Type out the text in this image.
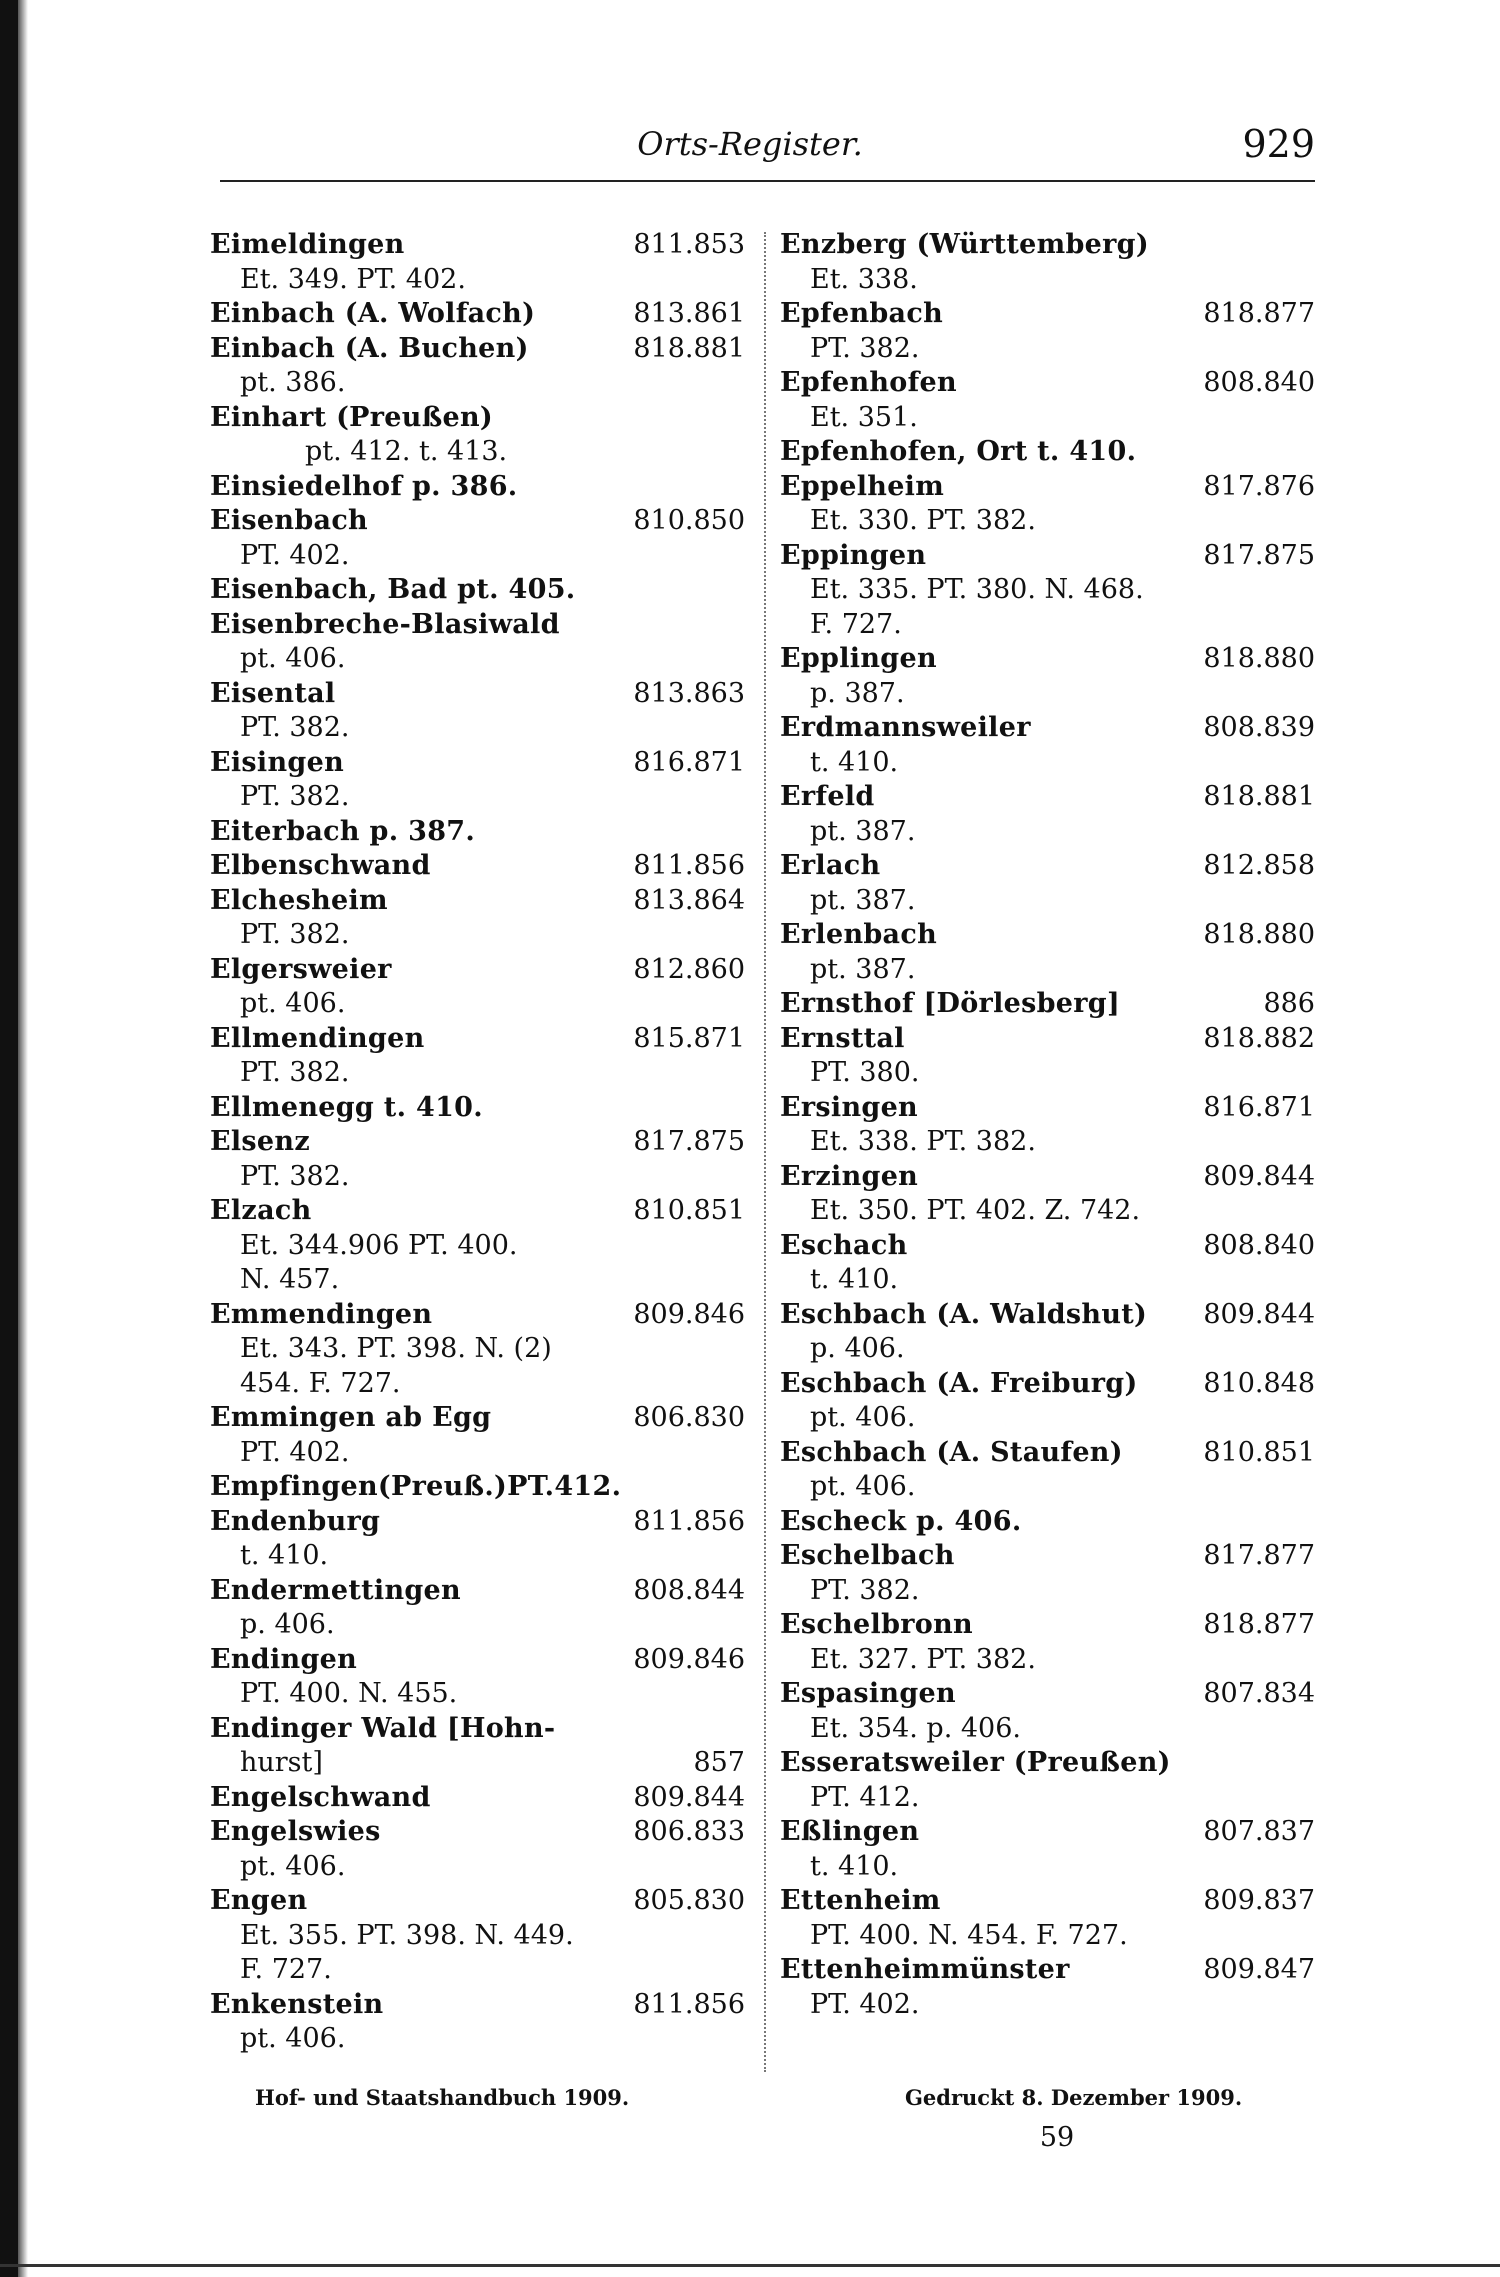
Orts-Register.	929
Eimeldingen	811.853
Et. 349. PT. 402.
Einbach (A. Wolfach)	813.861
Einbach (A. Buchen)	818.881
pt. 386.
Einhart (Preußen)
pt. 412. t. 413.
Einsiedelhof p. 386.
Eisenbach	810.850
PT. 402.
Eisenbach, Bad pt. 405.
Eisenbreche-Blasiwald
pt. 406.
Eisental	813.863
PT. 382.
Eisingen	816.871
PT. 382.
Eiterbach p. 387.
Elbenschwand	811.856
Elchesheim	813.864
PT. 382.
Elgersweier	812.860
pt. 406.
Ellmendingen	815.871
PT. 382.
Ellmenegg t. 410.
Elsenz	817.875
PT. 382.
Elzach	810.851
Et. 344.906 PT. 400.
N. 457.
Emmendingen	809.846
Et. 343. PT. 398. N. (2)
454. F. 727.
Emmingen ab Egg	806.830
PT. 402.
Empfingen(Preuß.)PT.412.
Endenburg	811.856
t. 410.
Endermettingen	808.844
p. 406.
Endingen	809.846
PT. 400. N. 455.
Endinger Wald [Hohn-
hurst]	857
Engelschwand	809.844
Engelswies	806.833
pt. 406.
Engen	805.830
Et. 355. PT. 398. N. 449.
F. 727.
Enkenstein	811.856
pt. 406.
Enzberg (Württemberg)
Et. 338.
Epfenbach	818.877
PT. 382.
Epfenhofen	808.840
Et. 351.
Epfenhofen, Ort t. 410.
Eppelheim	817.876
Et. 330. PT. 382.
Eppingen	817.875
Et. 335. PT. 380. N. 468.
F. 727.
Epplingen	818.880
p. 387.
Erdmannsweiler	808.839
t. 410.
Erfeld	818.881
pt. 387.
Erlach	812.858
pt. 387.
Erlenbach	818.880
pt. 387.
Ernsthof [Dörlesberg]	886
Ernsttal	818.882
PT. 380.
Ersingen	816.871
Et. 338. PT. 382.
Erzingen	809.844
Et. 350. PT. 402. Z. 742.
Eschach	808.840
t. 410.
Eschbach (A. Waldshut) 809.844
p. 406.
Eschbach (A. Freiburg) 810.848
pt. 406.
Eschbach (A. Staufen)	810.851
pt. 406.
Escheck p. 406.
Eschelbach	817.877
PT. 382.
Eschelbronn	818.877
Et. 327. PT. 382.
Espasingen	807.834
Et. 354. p. 406.
Esseratsweiler (Preußen)
PT. 412.
Eßlingen	807.837
t. 410.
Ettenheim	809.837
PT. 400. N. 454. F. 727.
Ettenheimmünster	809.847
PT. 402.
Hof- und Staatshandbuch 1909.	Gedruckt 8. Dezember 1909.
59
